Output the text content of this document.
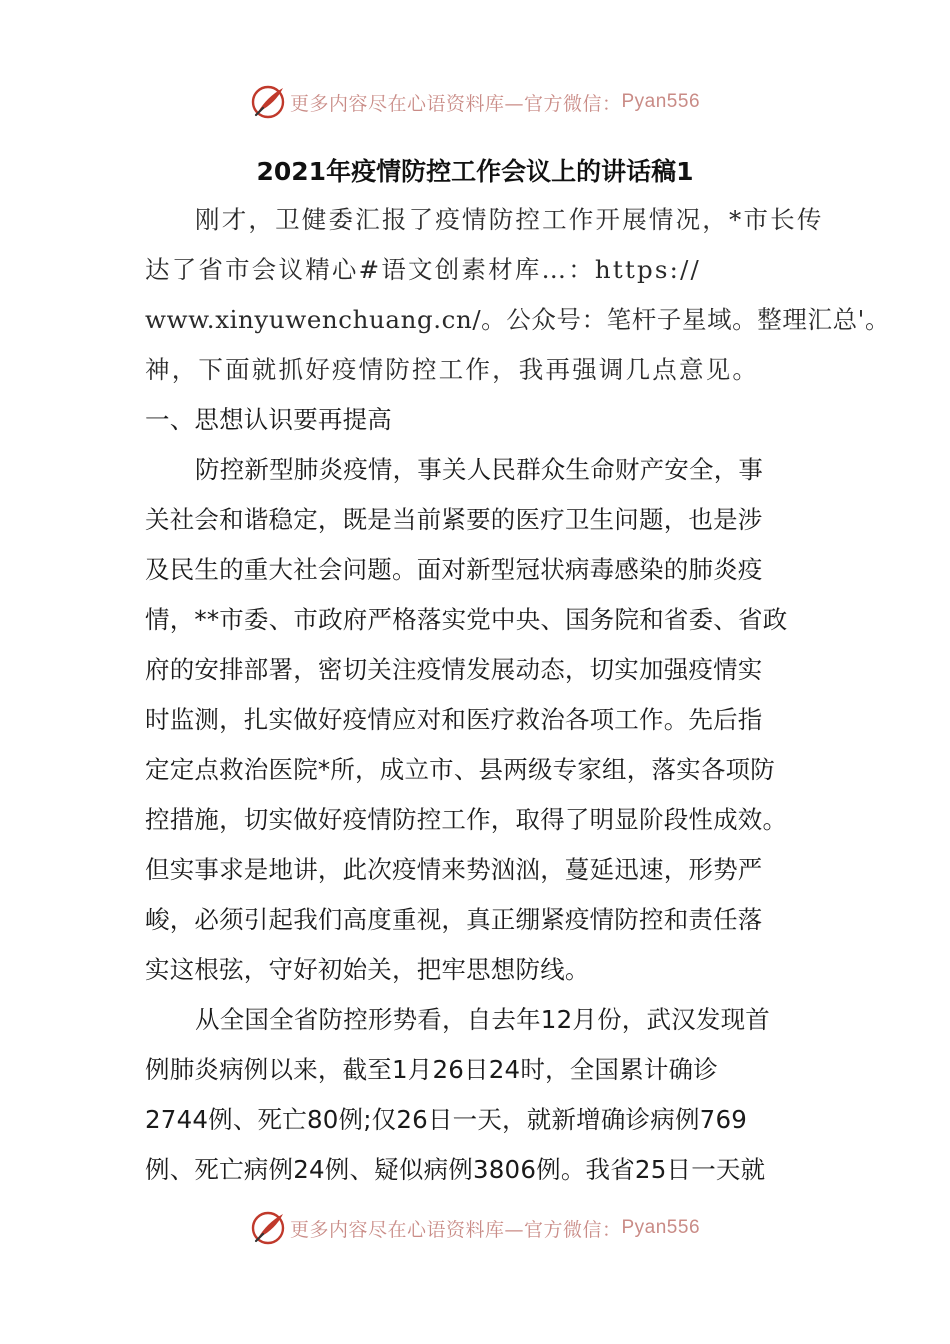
更多内容尽在心语资料库—官方微信： Pyan556
2021年疫情防控工作会议上的讲话稿1
刚才，卫健委汇报了疫情防控工作开展情况，*市长传
达了省市会议精心#语文创素材库…：https://
www.xinyuwenchuang.cn/。公众号：笔杆子星域。整理汇总'。
神，下面就抓好疫情防控工作，我再强调几点意见。
一、思想认识要再提高
防控新型肺炎疫情，事关人民群众生命财产安全，事
关社会和谐稳定，既是当前紧要的医疗卫生问题，也是涉
及民生的重大社会问题。面对新型冠状病毒感染的肺炎疫
情，**市委、市政府严格落实党中央、国务院和省委、省政
府的安排部署，密切关注疫情发展动态，切实加强疫情实
时监测，扎实做好疫情应对和医疗救治各项工作。先后指
定定点救治医院*所，成立市、县两级专家组，落实各项防
控措施，切实做好疫情防控工作，取得了明显阶段性成效。
但实事求是地讲，此次疫情来势汹汹，蔓延迅速，形势严
峻，必须引起我们高度重视，真正绷紧疫情防控和责任落
实这根弦，守好初始关，把牢思想防线。
从全国全省防控形势看，自去年12月份，武汉发现首
例肺炎病例以来，截至1月26日24时，全国累计确诊
2744例、死亡80例;仅26日一天，就新增确诊病例769
例、死亡病例24例、疑似病例3806例。我省25日一天就
更多内容尽在心语资料库—官方微信： Pyan556
